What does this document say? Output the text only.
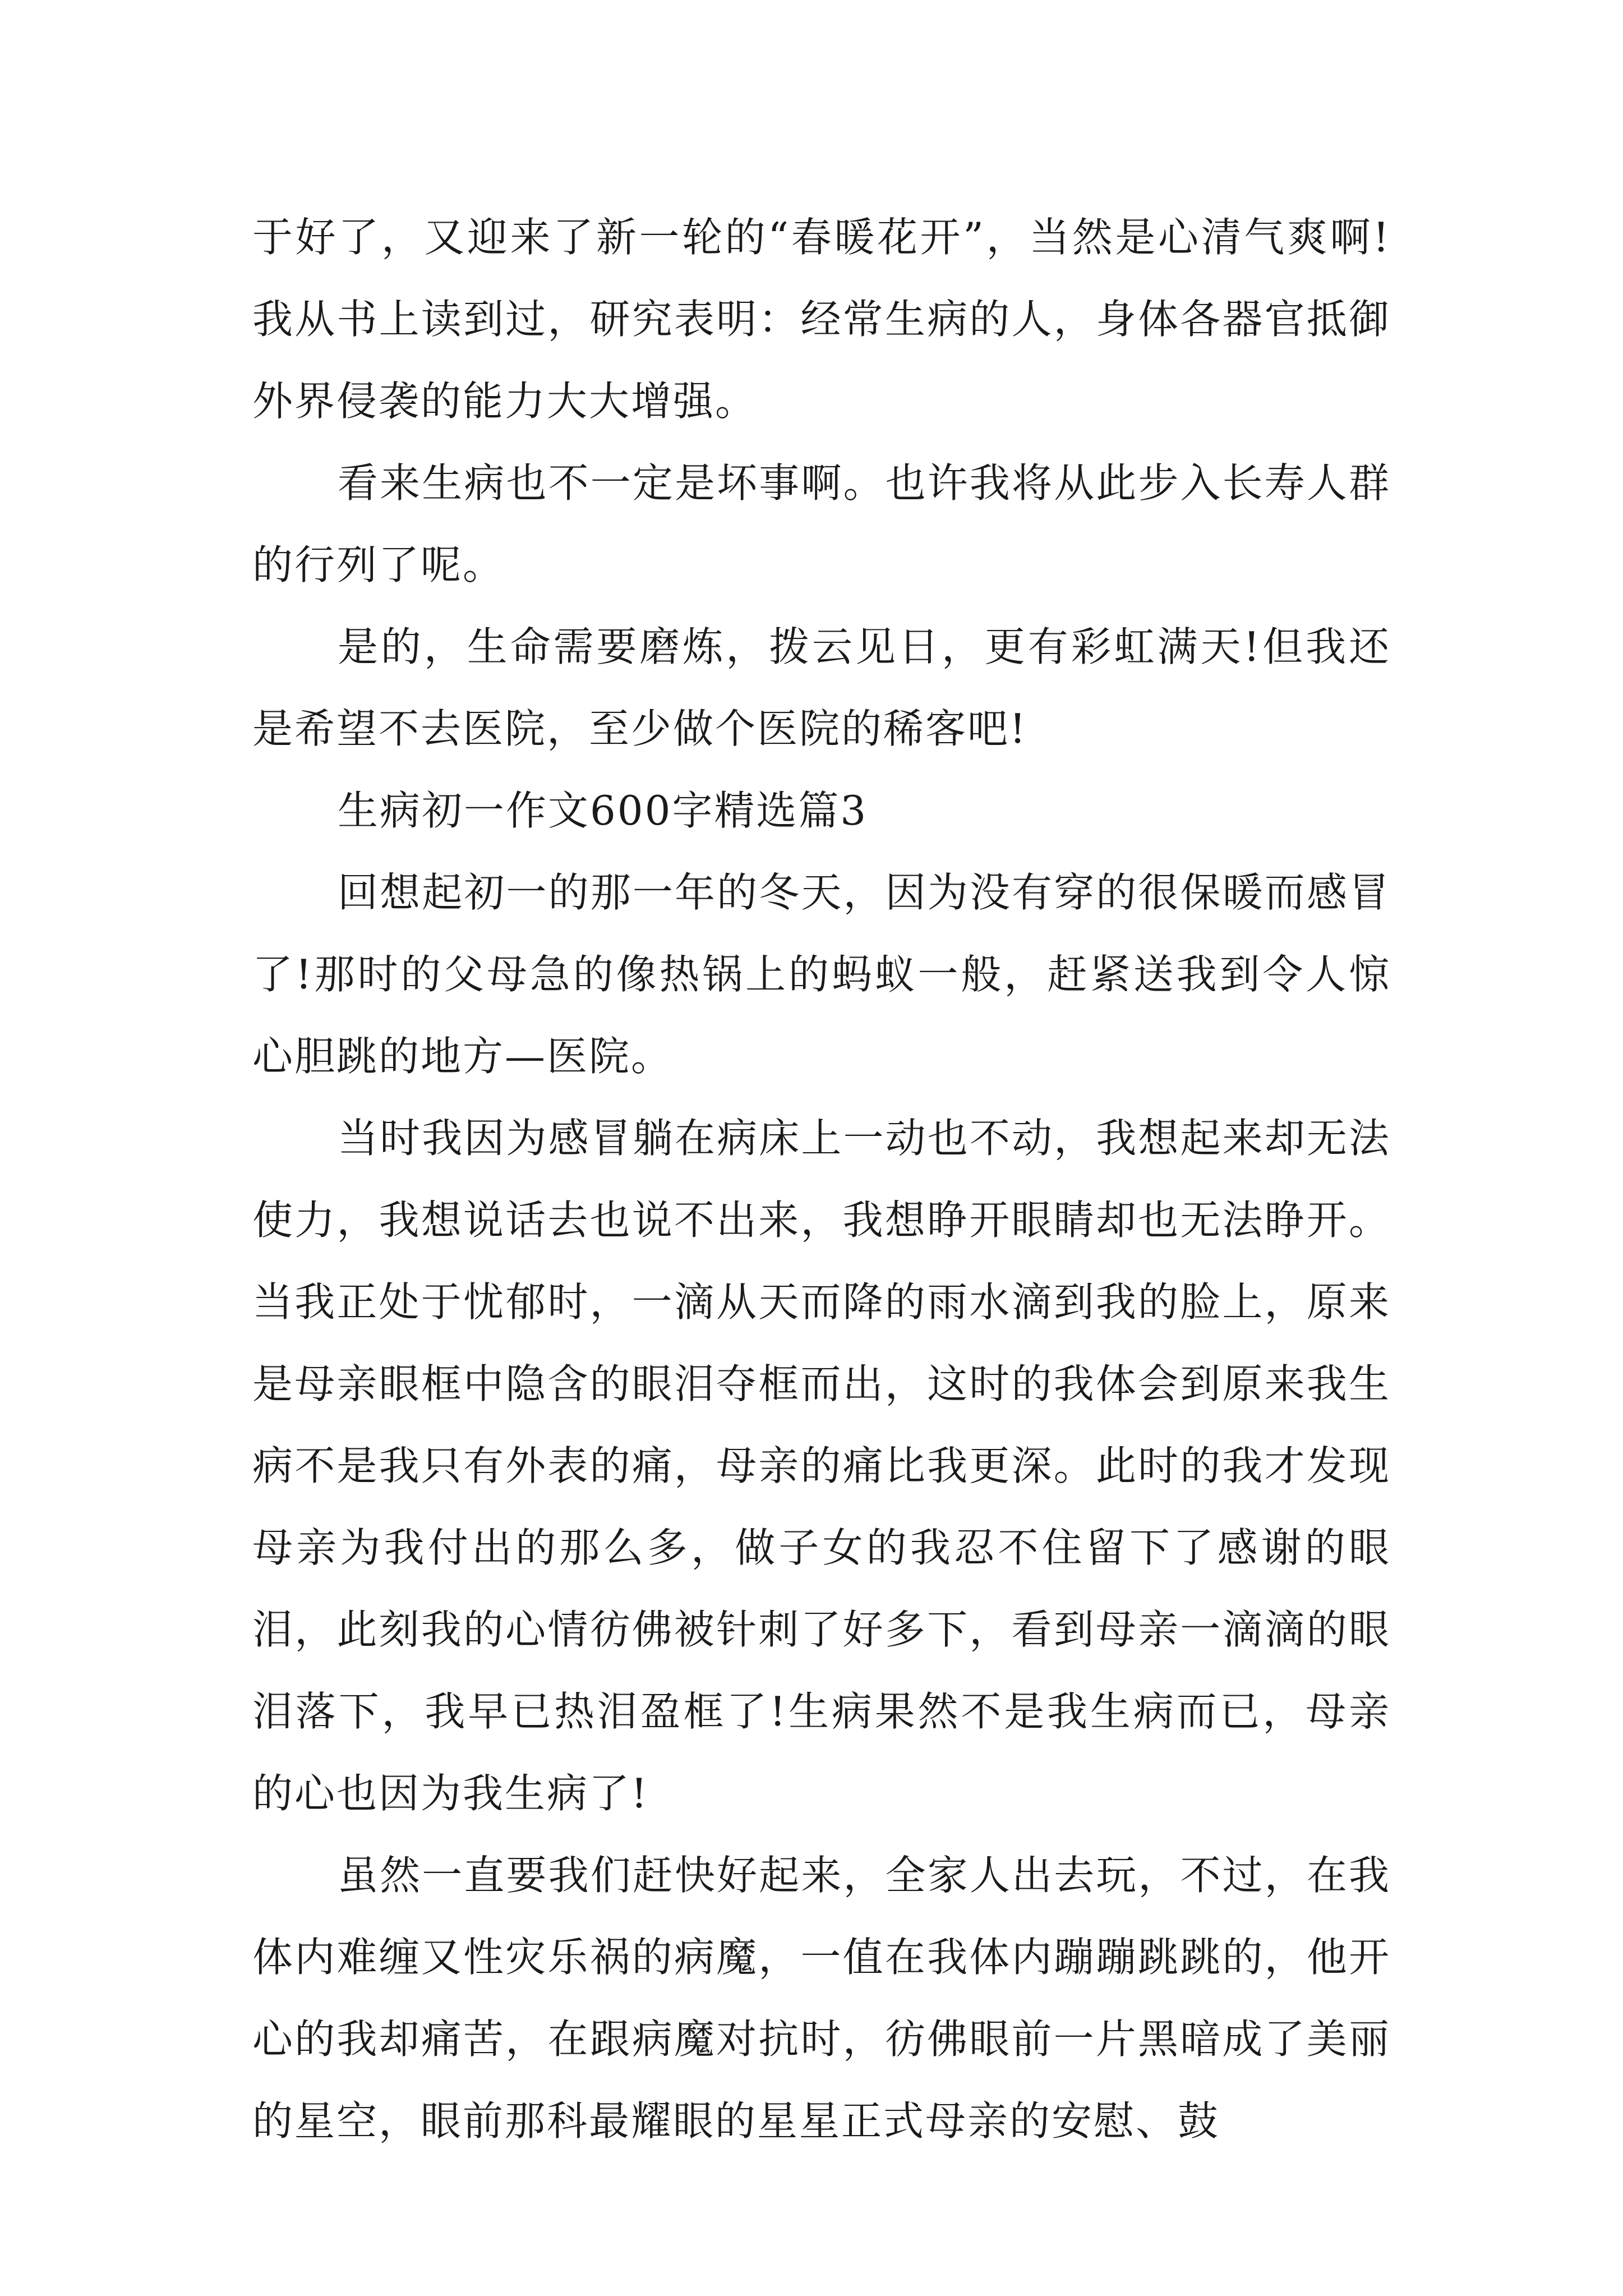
于好了，又迎来了新一轮的“春暖花开”，当然是心清气爽啊!我从书上读到过，研究表明：经常生病的人，身体各器官抵御外界侵袭的能力大大增强。

看来生病也不一定是坏事啊。也许我将从此步入长寿人群的行列了呢。

是的，生命需要磨炼，拨云见日，更有彩虹满天!但我还是希望不去医院，至少做个医院的稀客吧!

生病初一作文600字精选篇3

回想起初一的那一年的冬天，因为没有穿的很保暖而感冒了!那时的父母急的像热锅上的蚂蚁一般，赶紧送我到令人惊心胆跳的地方—医院。

当时我因为感冒躺在病床上一动也不动，我想起来却无法使力，我想说话去也说不出来，我想睁开眼睛却也无法睁开。当我正处于忧郁时，一滴从天而降的雨水滴到我的脸上，原来是母亲眼框中隐含的眼泪夺框而出，这时的我体会到原来我生病不是我只有外表的痛，母亲的痛比我更深。此时的我才发现母亲为我付出的那么多，做子女的我忍不住留下了感谢的眼泪，此刻我的心情彷佛被针刺了好多下，看到母亲一滴滴的眼泪落下，我早已热泪盈框了!生病果然不是我生病而已，母亲的心也因为我生病了!

虽然一直要我们赶快好起来，全家人出去玩，不过，在我体内难缠又性灾乐祸的病魔，一值在我体内蹦蹦跳跳的，他开心的我却痛苦，在跟病魔对抗时，彷佛眼前一片黑暗成了美丽的星空，眼前那科最耀眼的星星正式母亲的安慰、鼓
